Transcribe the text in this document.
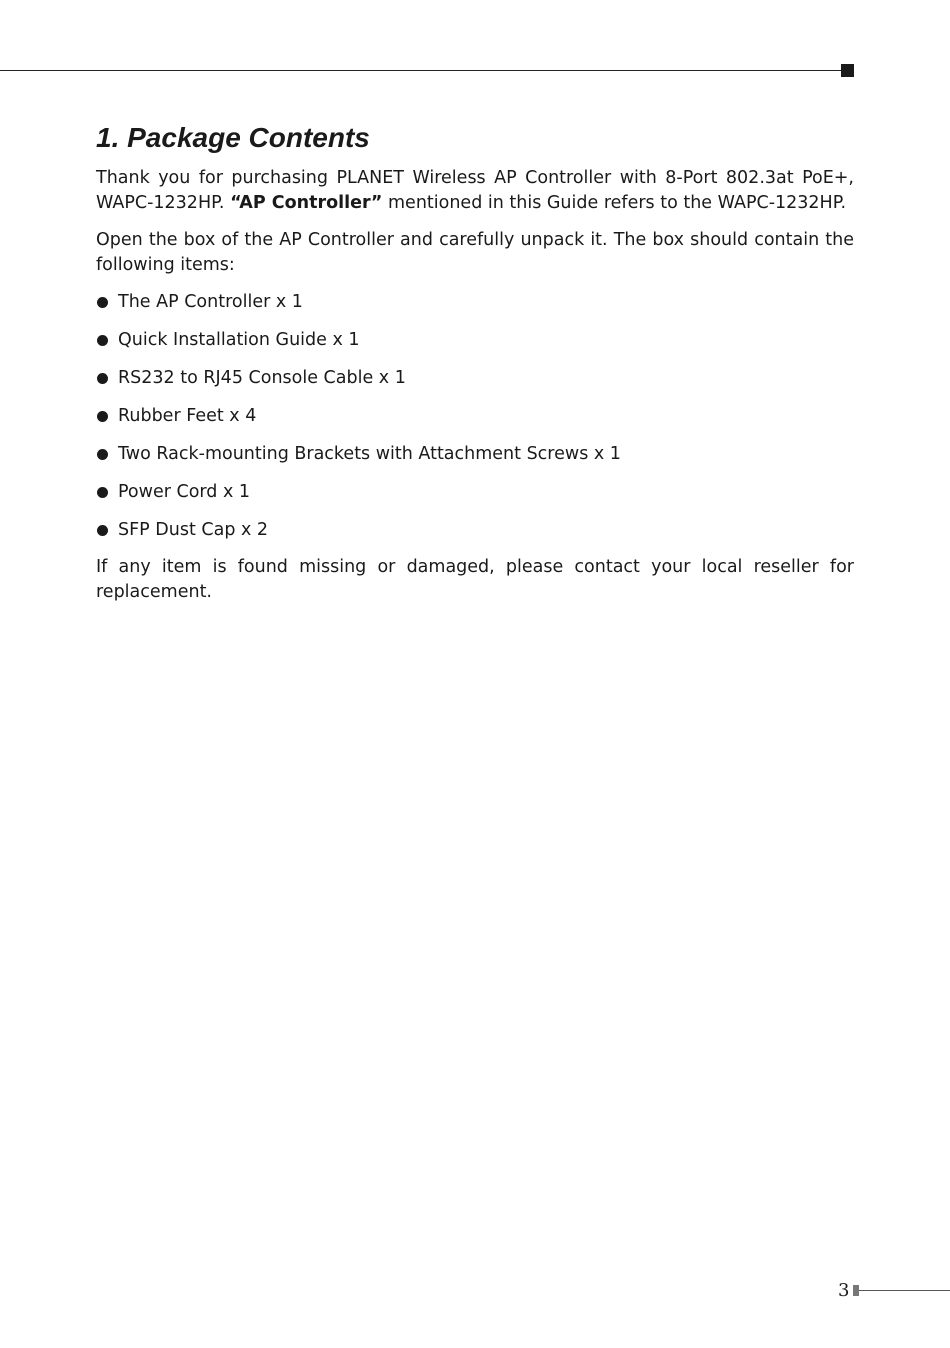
1. Package Contents

Thank you for purchasing PLANET Wireless AP Controller with 8-Port 802.3at PoE+, WAPC-1232HP. “AP Controller” mentioned in this Guide refers to the WAPC-1232HP.

Open the box of the AP Controller and carefully unpack it. The box should contain the following items:

The AP Controller x 1
Quick Installation Guide x 1
RS232 to RJ45 Console Cable x 1
Rubber Feet x 4
Two Rack-mounting Brackets with Attachment Screws x 1
Power Cord x 1
SFP Dust Cap x 2

If any item is found missing or damaged, please contact your local reseller for replacement.

3
